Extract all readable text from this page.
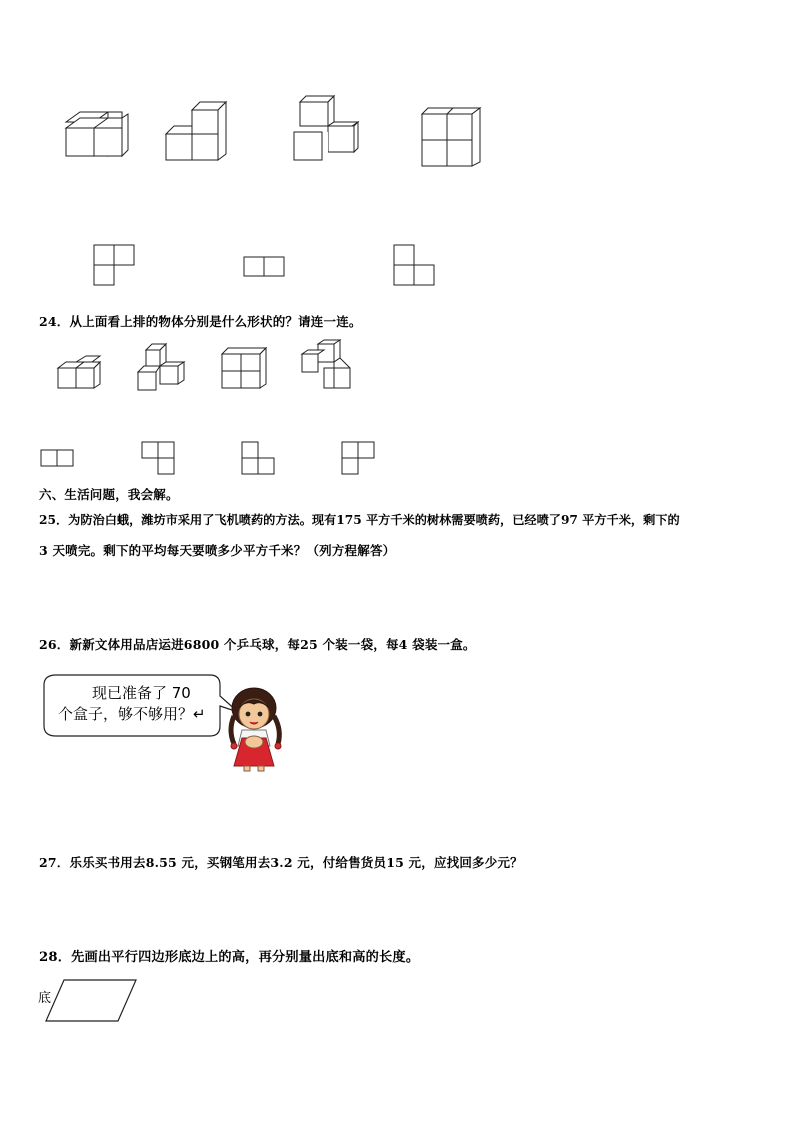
24．从上面看上排的物体分别是什么形状的？请连一连。
六、生活问题，我会解。
25．为防治白蛾，潍坊市采用了飞机喷药的方法。现有175 平方千米的树林需要喷药，已经喷了97 平方千米，剩下的
3 天喷完。剩下的平均每天要喷多少平方千米？（列方程解答）
26．新新文体用品店运进6800 个乒乓球，每25 个装一袋，每4 袋装一盒。
现已准备了 70
个盒子，够不够用？↵
27．乐乐买书用去8.55 元，买钢笔用去3.2 元，付给售货员15 元，应找回多少元？
28．先画出平行四边形底边上的高，再分别量出底和高的长度。
底
